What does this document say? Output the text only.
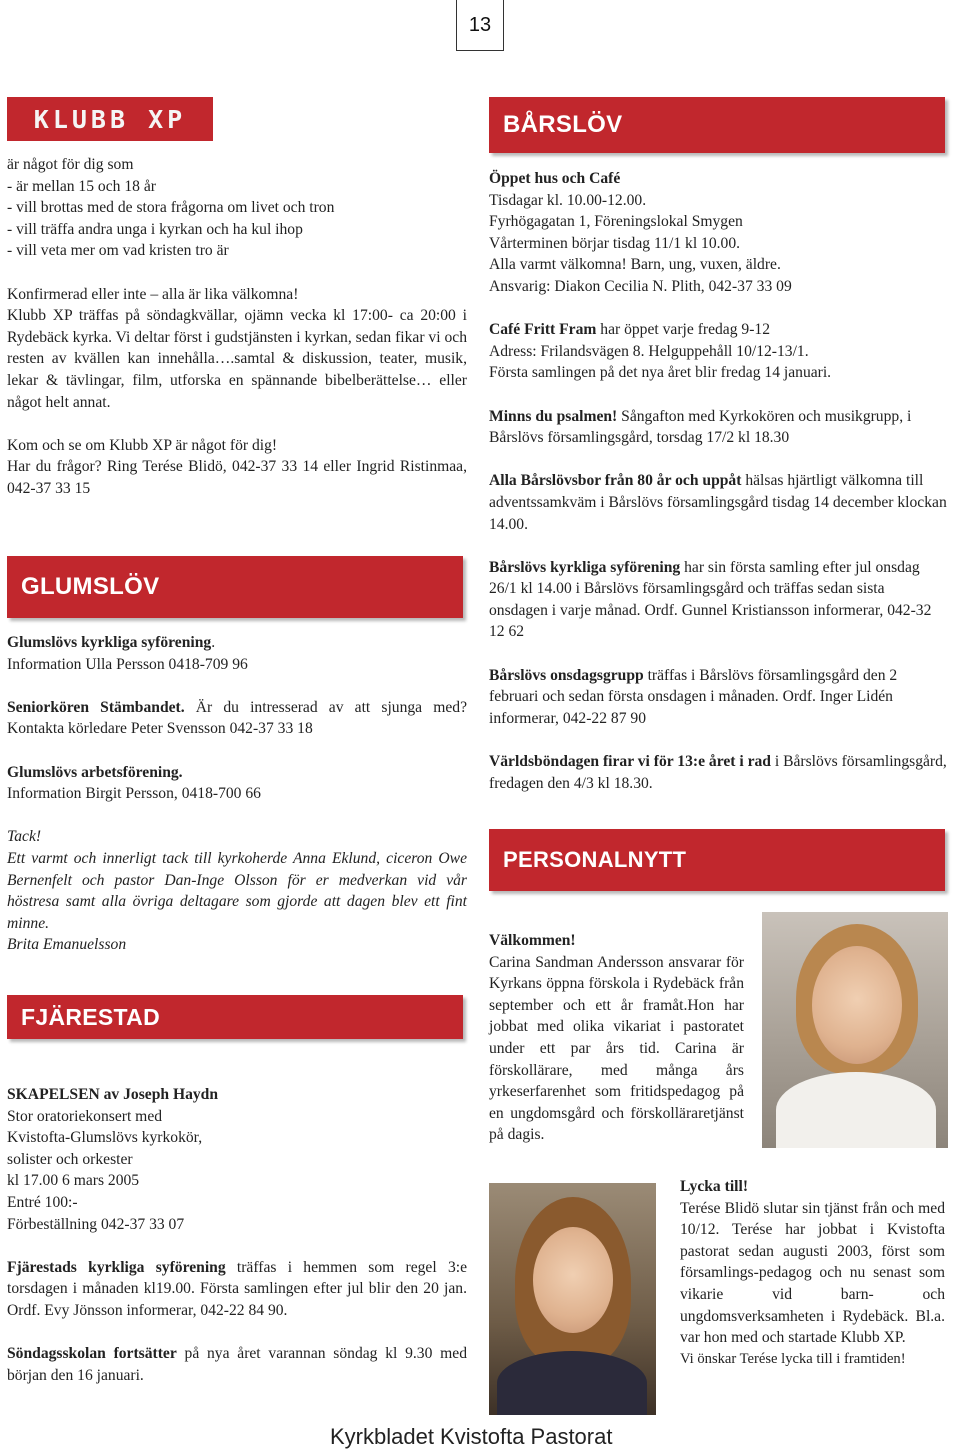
13
KLUBB XP

är något för dig som

- är mellan 15 och 18 år

- vill brottas med de stora frågorna om livet och tron

- vill träffa andra unga i kyrkan och ha kul ihop

- vill veta mer om vad kristen tro är

Konfirmerad eller inte – alla är lika välkomna!

Klubb XP träffas på söndagkvällar, ojämn vecka kl 17:00- ca 20:00 i Rydebäck kyrka. Vi deltar först i gudstjänsten i kyrkan, sedan fikar vi och resten av kvällen kan innehålla….samtal & diskussion, teater, musik, lekar & tävlingar, film, utforska en spännande bibelberättelse… eller något helt annat.

Kom och se om Klubb XP är något för dig!

Har du frågor? Ring Terése Blidö, 042-37 33 14 eller Ingrid Ristinmaa, 042-37 33 15

GLUMSLÖV

Glumslövs kyrkliga syförening.

Information Ulla Persson 0418-709 96

Seniorkören Stämbandet. Är du intresserad av att sjunga med? Kontakta körledare Peter Svensson 042-37 33 18

Glumslövs arbetsförening.

Information Birgit Persson, 0418-700 66

Tack!

Ett varmt och innerligt tack till kyrkoherde Anna Eklund, ciceron Owe Bernenfelt och pastor Dan-Inge Olsson för er medverkan vid vår höstresa samt alla övriga deltagare som gjorde att dagen blev ett fint minne.

Brita Emanuelsson

FJÄRESTAD

SKAPELSEN av Joseph Haydn

Stor oratoriekonsert med

Kvistofta-Glumslövs kyrkokör,

solister och orkester

kl 17.00 6 mars 2005

Entré 100:-

Förbeställning 042-37 33 07

Fjärestads kyrkliga syförening träffas i hemmen som regel 3:e torsdagen i månaden kl19.00. Första samlingen efter jul blir den 20 jan. Ordf. Evy Jönsson informerar, 042-22 84 90.

Söndagsskolan fortsätter på nya året varannan söndag kl 9.30 med början den 16 januari.

BÅRSLÖV

Öppet hus och Café

Tisdagar kl. 10.00-12.00.

Fyrhögagatan 1, Föreningslokal Smygen

Vårterminen börjar tisdag 11/1 kl 10.00.

Alla varmt välkomna! Barn, ung, vuxen, äldre.

Ansvarig: Diakon Cecilia N. Plith, 042-37 33 09

Café Fritt Fram har öppet varje fredag 9-12

Adress: Frilandsvägen 8. Helguppehåll 10/12-13/1.

Första samlingen på det nya året blir fredag 14 januari.

Minns du psalmen! Sångafton med Kyrkokören och musikgrupp, i Bårslövs församlingsgård, torsdag 17/2 kl 18.30

Alla Bårslövsbor från 80 år och uppåt hälsas hjärtligt välkomna till adventssamkväm i Bårslövs församlingsgård tisdag 14 december klockan 14.00.

Bårslövs kyrkliga syförening har sin första samling efter jul onsdag 26/1 kl 14.00 i Bårslövs församlingsgård och träffas sedan sista onsdagen i varje månad. Ordf. Gunnel Kristiansson informerar, 042-32 12 62

Bårslövs onsdagsgrupp träffas i Bårslövs församlingsgård den 2 februari och sedan första onsdagen i månaden. Ordf. Inger Lidén informerar, 042-22 87 90

Världsböndagen firar vi för 13:e året i rad i Bårslövs församlingsgård, fredagen den 4/3 kl 18.30.

PERSONALNYTT

Välkommen!

Carina Sandman Andersson ansvarar för Kyrkans öppna förskola i Rydebäck från september och ett år framåt.Hon har jobbat med olika vikariat i pastoratet under ett par års tid. Carina är förskollärare, med många års yrkeserfarenhet som fritidspedagog på en ungdomsgård och förskolläraretjänst på dagis.

Lycka till!

Terése Blidö slutar sin tjänst från och med 10/12. Terése har jobbat i Kvistofta pastorat sedan augusti 2003, först som församlings-pedagog och nu senast som vikarie vid barn- och ungdomsverksamheten i Rydebäck. Bl.a. var hon med och startade Klubb XP.

Vi önskar Terése lycka till i framtiden!

Kyrkbladet Kvistofta Pastorat
